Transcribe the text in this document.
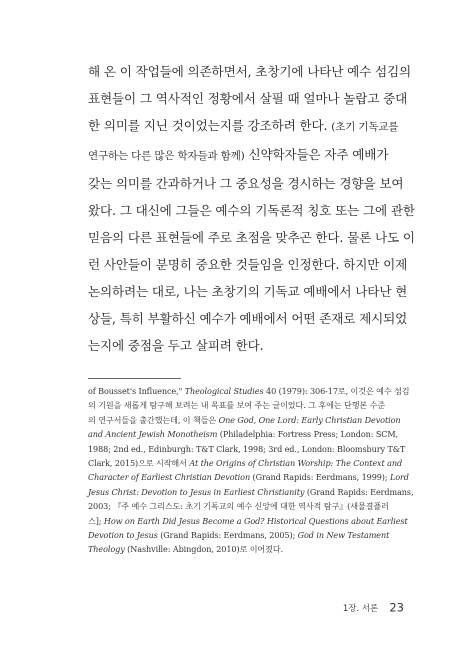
해 온 이 작업들에 의존하면서, 초창기에 나타난 예수 섬김의
표현들이 그 역사적인 정황에서 살필 때 얼마나 놀랍고 중대
한 의미를 지닌 것이었는지를 강조하려 한다. (초기 기독교를
연구하는 다른 많은 학자들과 함께) 신약학자들은 자주 예배가
갖는 의미를 간과하거나 그 중요성을 경시하는 경향을 보여
왔다. 그 대신에 그들은 예수의 기독론적 칭호 또는 그에 관한
믿음의 다른 표현들에 주로 초점을 맞추곤 한다. 물론 나도 이
런 사안들이 분명히 중요한 것들임을 인정한다. 하지만 이제
논의하려는 대로, 나는 초창기의 기독교 예배에서 나타난 현
상들, 특히 부활하신 예수가 예배에서 어떤 존재로 제시되었
는지에 중점을 두고 살피려 한다.
of Bousset's Influence," Theological Studies 40 (1979): 306-17로, 이것은 예수 섬김
의 기원을 새롭게 탐구해 보려는 내 목표를 보여 주는 글이었다. 그 후에는 단행본 수준
의 연구서들을 출간했는데, 이 책들은 One God, One Lord: Early Christian Devotion
and Ancient Jewish Monotheism (Philadelphia: Fortress Press; London: SCM,
1988; 2nd ed., Edinburgh: T&T Clark, 1998; 3rd ed., London: Bloomsbury T&T
Clark, 2015)으로 시작해서 At the Origins of Christian Worship: The Context and
Character of Earliest Christian Devotion (Grand Rapids: Eerdmans, 1999); Lord
Jesus Christ: Devotion to Jesus in Earliest Christianity (Grand Rapids: Eerdmans,
2003; 『주 예수 그리스도: 초기 기독교의 예수 신앙에 대한 역사적 탐구』(새물결플러
스]; How on Earth Did Jesus Become a God? Historical Questions about Earliest
Devotion to Jesus (Grand Rapids: Eerdmans, 2005); God in New Testament
Theology (Nashville: Abingdon, 2010)로 이어졌다.
1장. 서론 23
